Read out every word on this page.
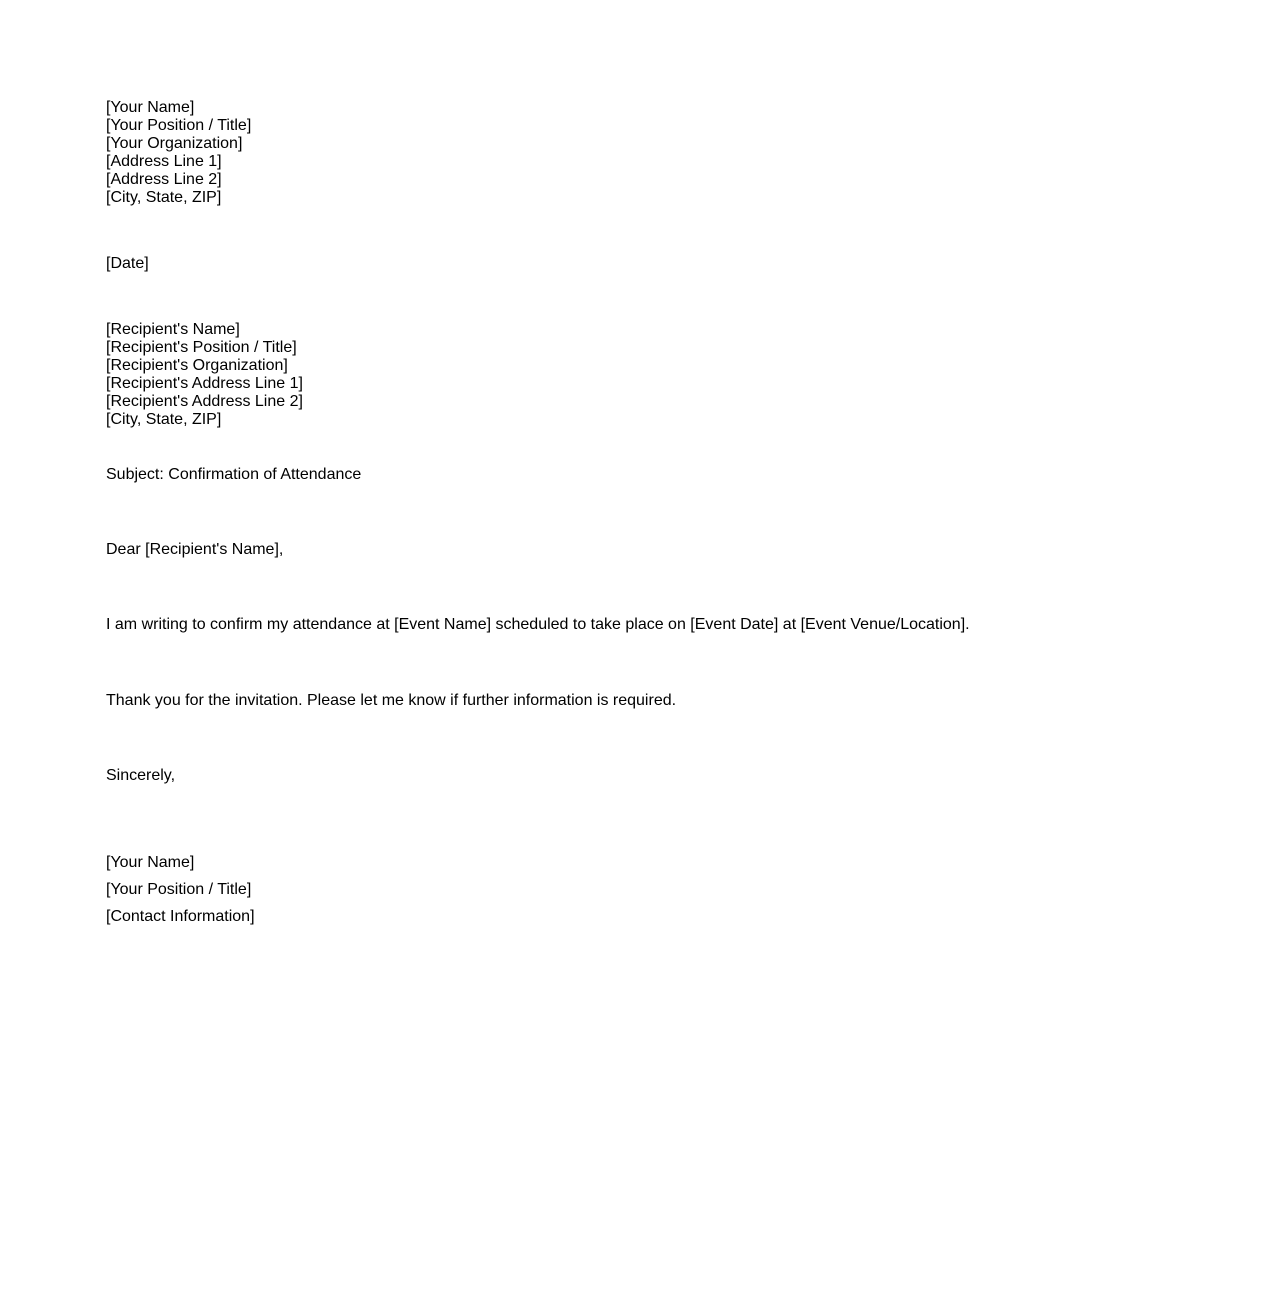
[Your Name]
[Your Position / Title]
[Your Organization]
[Address Line 1]
[Address Line 2]
[City, State, ZIP]
[Date]
[Recipient's Name]
[Recipient's Position / Title]
[Recipient's Organization]
[Recipient's Address Line 1]
[Recipient's Address Line 2]
[City, State, ZIP]
Subject: Confirmation of Attendance
Dear [Recipient's Name],
I am writing to confirm my attendance at [Event Name] scheduled to take place on [Event Date] at [Event Venue/Location].
Thank you for the invitation. Please let me know if further information is required.
Sincerely,
[Your Name]
[Your Position / Title]
[Contact Information]
